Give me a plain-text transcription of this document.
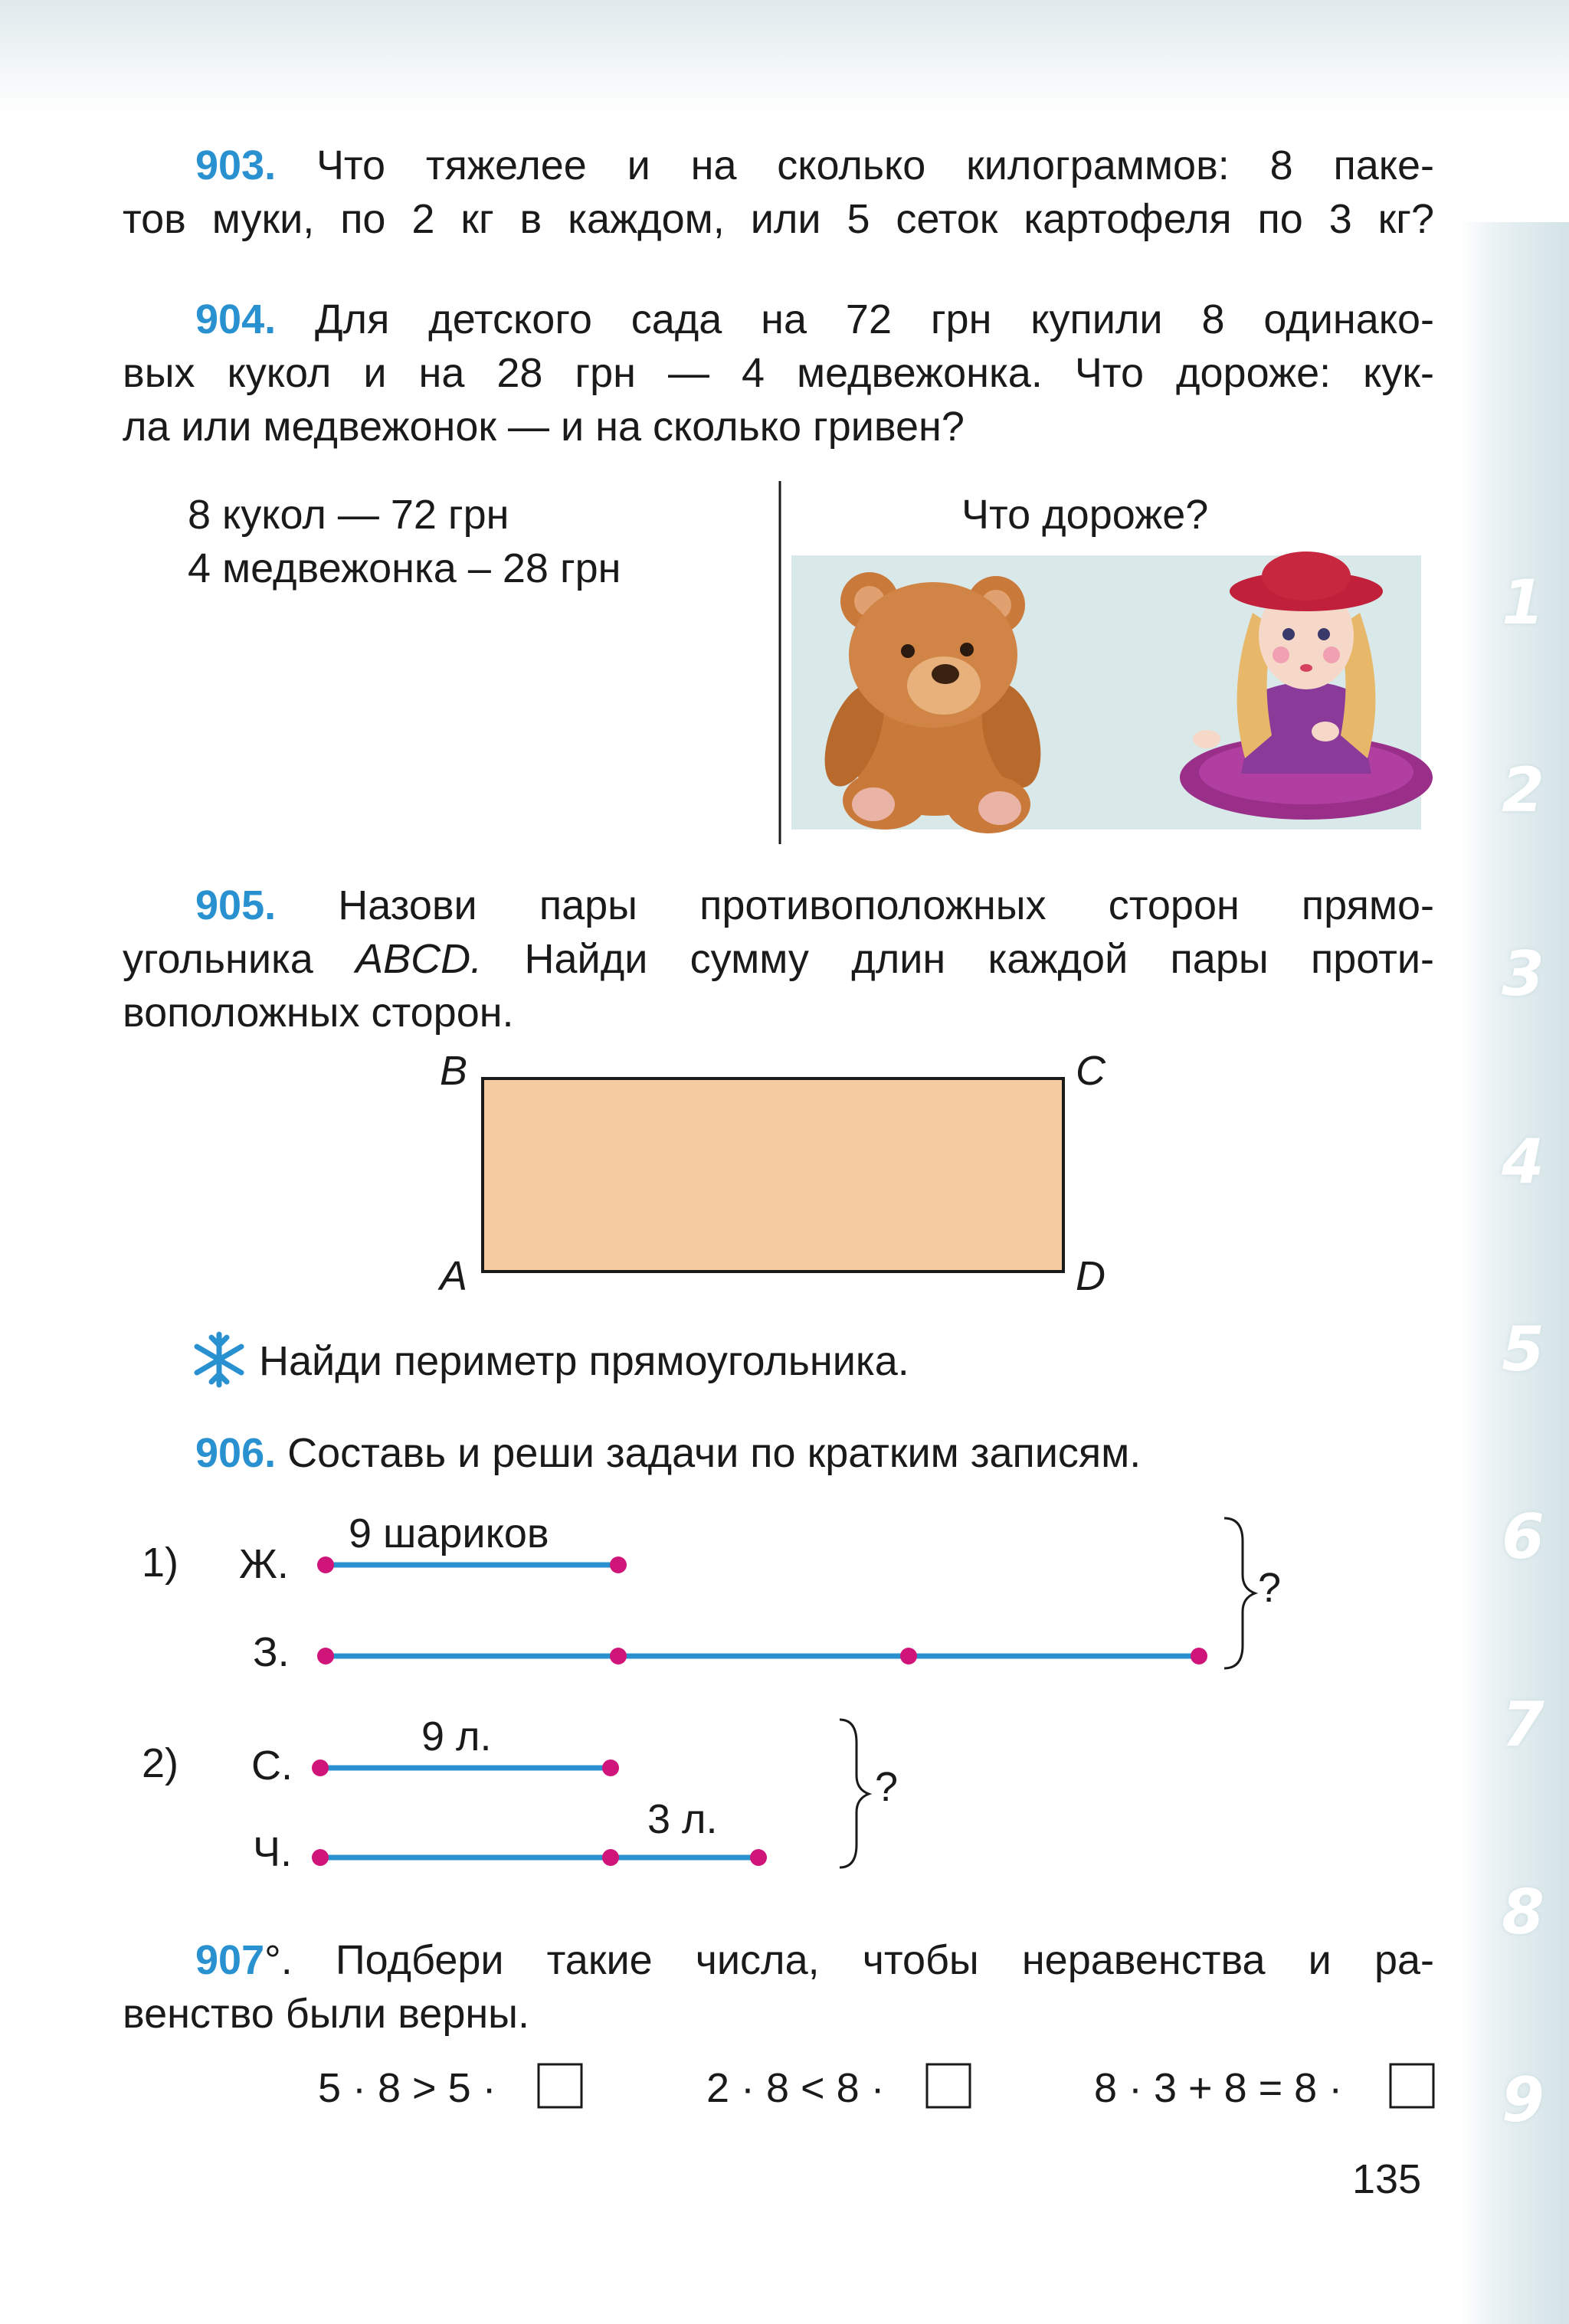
1
2
3
4
5
6
7
8
9
903. Что тяжелее и на сколько килограммов: 8 паке-
тов муки, по 2 кг в каждом, или 5 сеток картофеля по 3 кг?
904. Для детского сада на 72 грн купили 8 одинако-
вых кукол и на 28 грн — 4 медвежонка. Что дороже: кук-
ла или медвежонок — и на сколько гривен?
8 кукол — 72 грн
4 медвежонка – 28 грн
Что дороже?
905. Назови пары противоположных сторон прямо-
угольника ABCD. Найди сумму длин каждой пары проти-
воположных сторон.
B	C
A	D
Найди периметр прямоугольника.
906. Составь и реши задачи по кратким записям.
1) Ж.
9 шариков
З.
?
2) С.
9 л.
Ч.
3 л.
?
907°. Подбери такие числа, чтобы неравенства и ра-
венство были верны.
5 · 8 > 5 ·	2 · 8 < 8 ·	8 · 3 + 8 = 8 ·
135
